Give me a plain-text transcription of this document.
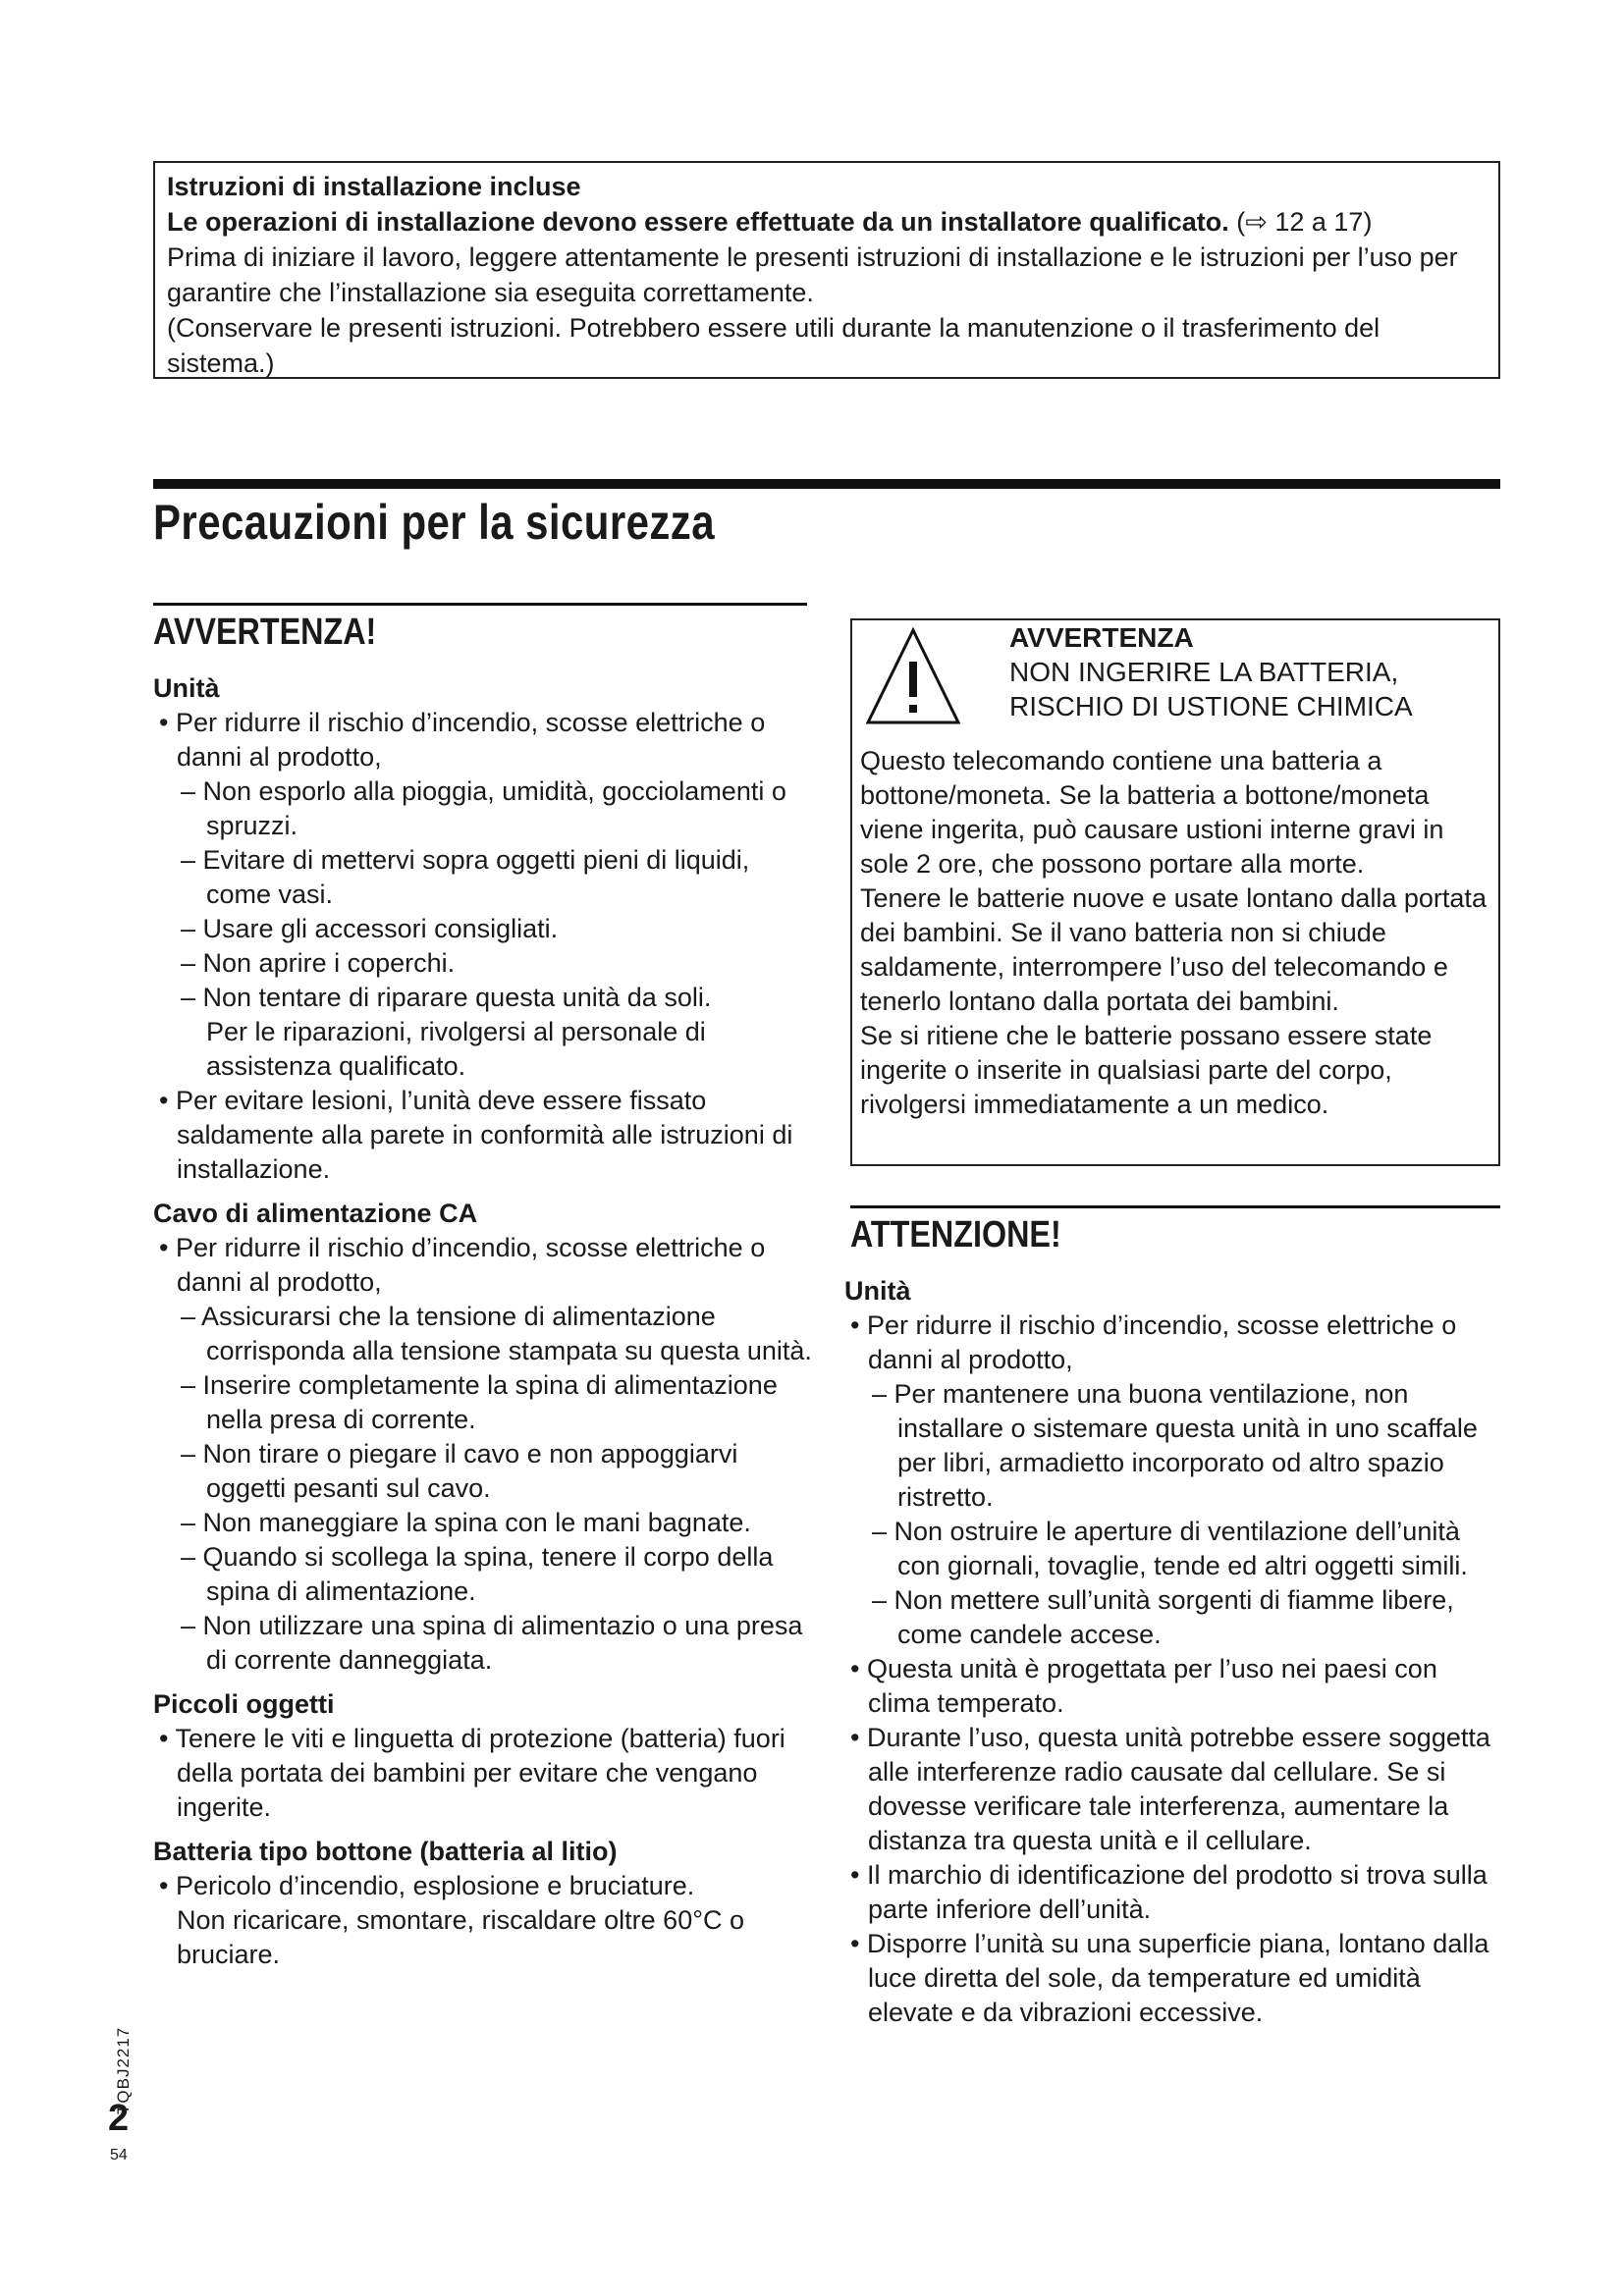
Istruzioni di installazione incluse
Le operazioni di installazione devono essere effettuate da un installatore qualificato. (⇨ 12 a 17)
Prima di iniziare il lavoro, leggere attentamente le presenti istruzioni di installazione e le istruzioni per l’uso per garantire che l’installazione sia eseguita correttamente.
(Conservare le presenti istruzioni. Potrebbero essere utili durante la manutenzione o il trasferimento del sistema.)
Precauzioni per la sicurezza
AVVERTENZA!
Unità

• Per ridurre il rischio d’incendio, scosse elettriche o danni al prodotto,

– Non esporlo alla pioggia, umidità, gocciolamenti o spruzzi.

– Evitare di mettervi sopra oggetti pieni di liquidi, come vasi.

– Usare gli accessori consigliati.

– Non aprire i coperchi.

– Non tentare di riparare questa unità da soli.

Per le riparazioni, rivolgersi al personale di assistenza qualificato.

• Per evitare lesioni, l’unità deve essere fissato saldamente alla parete in conformità alle istruzioni di installazione.

Cavo di alimentazione CA

• Per ridurre il rischio d’incendio, scosse elettriche o danni al prodotto,

– Assicurarsi che la tensione di alimentazione corrisponda alla tensione stampata su questa unità.

– Inserire completamente la spina di alimentazione nella presa di corrente.

– Non tirare o piegare il cavo e non appoggiarvi oggetti pesanti sul cavo.

– Non maneggiare la spina con le mani bagnate.

– Quando si scollega la spina, tenere il corpo della spina di alimentazione.

– Non utilizzare una spina di alimentazio o una presa di corrente danneggiata.

Piccoli oggetti

• Tenere le viti e linguetta di protezione (batteria) fuori della portata dei bambini per evitare che vengano ingerite.

Batteria tipo bottone (batteria al litio)

• Pericolo d’incendio, esplosione e bruciature.

Non ricaricare, smontare, riscaldare oltre 60°C o bruciare.

AVVERTENZA
NON INGERIRE LA BATTERIA,
RISCHIO DI USTIONE CHIMICA

Questo telecomando contiene una batteria a bottone/moneta. Se la batteria a bottone/moneta viene ingerita, può causare ustioni interne gravi in sole 2 ore, che possono portare alla morte.

Tenere le batterie nuove e usate lontano dalla portata dei bambini. Se il vano batteria non si chiude saldamente, interrompere l’uso del telecomando e tenerlo lontano dalla portata dei bambini.

Se si ritiene che le batterie possano essere state ingerite o inserite in qualsiasi parte del corpo, rivolgersi immediatamente a un medico.

ATTENZIONE!
Unità

• Per ridurre il rischio d’incendio, scosse elettriche o danni al prodotto,

– Per mantenere una buona ventilazione, non installare o sistemare questa unità in uno scaffale per libri, armadietto incorporato od altro spazio ristretto.

– Non ostruire le aperture di ventilazione dell’unità con giornali, tovaglie, tende ed altri oggetti simili.

– Non mettere sull’unità sorgenti di fiamme libere, come candele accese.

• Questa unità è progettata per l’uso nei paesi con clima temperato.

• Durante l’uso, questa unità potrebbe essere soggetta alle interferenze radio causate dal cellulare. Se si dovesse verificare tale interferenza, aumentare la distanza tra questa unità e il cellulare.

• Il marchio di identificazione del prodotto si trova sulla parte inferiore dell’unità.

• Disporre l’unità su una superficie piana, lontano dalla luce diretta del sole, da temperature ed umidità elevate e da vibrazioni eccessive.

TQBJ2217
2
54
